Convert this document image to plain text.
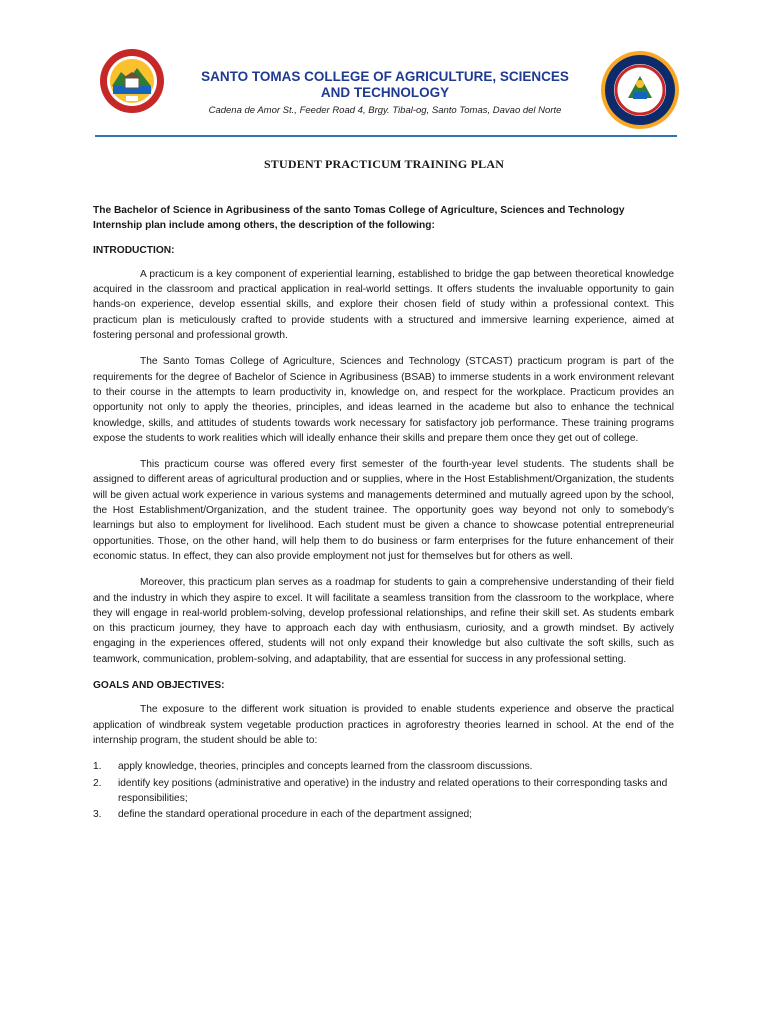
SANTO TOMAS COLLEGE OF AGRICULTURE, SCIENCES
AND TECHNOLOGY
Cadena de Amor St., Feeder Road 4, Brgy. Tibal-og, Santo Tomas, Davao del Norte
STUDENT PRACTICUM TRAINING PLAN

The Bachelor of Science in Agribusiness of the santo Tomas College of Agriculture, Sciences and Technology Internship plan include among others, the description of the following:

INTRODUCTION:

A practicum is a key component of experiential learning, established to bridge the gap between theoretical knowledge acquired in the classroom and practical application in real-world settings. It offers students the invaluable opportunity to gain hands-on experience, develop essential skills, and explore their chosen field of study within a professional context. This practicum plan is meticulously crafted to provide students with a structured and immersive learning experience, aimed at fostering personal and professional growth.

The Santo Tomas College of Agriculture, Sciences and Technology (STCAST) practicum program is part of the requirements for the degree of Bachelor of Science in Agribusiness (BSAB) to immerse students in a work environment relevant to their course in the attempts to learn productivity in, knowledge on, and respect for the workplace. Practicum provides an opportunity not only to apply the theories, principles, and ideas learned in the academe but also to enhance the technical knowledge, skills, and attitudes of students towards work necessary for satisfactory job performance. These training programs expose the students to work realities which will ideally enhance their skills and prepare them once they get out of college.

This practicum course was offered every first semester of the fourth-year level students. The students shall be assigned to different areas of agricultural production and or supplies, where in the Host Establishment/Organization, the students will be given actual work experience in various systems and managements determined and mutually agreed upon by the school, the Host Establishment/Organization, and the student trainee. The opportunity goes way beyond not only to somebody’s learnings but also to employment for livelihood. Each student must be given a chance to showcase potential entrepreneurial opportunities. Those, on the other hand, will help them to do business or farm enterprises for the future enhancement of their economic status. In effect, they can also provide employment not just for themselves but for others as well.

Moreover, this practicum plan serves as a roadmap for students to gain a comprehensive understanding of their field and the industry in which they aspire to excel. It will facilitate a seamless transition from the classroom to the workplace, where they will engage in real-world problem-solving, develop professional relationships, and refine their skill set. As students embark on this practicum journey, they have to approach each day with enthusiasm, curiosity, and a growth mindset. By actively engaging in the experiences offered, students will not only expand their knowledge but also cultivate the soft skills, such as teamwork, communication, problem-solving, and adaptability, that are essential for success in any professional setting.

GOALS AND OBJECTIVES:

The exposure to the different work situation is provided to enable students experience and observe the practical application of windbreak system vegetable production practices in agroforestry theories learned in school. At the end of the internship program, the student should be able to:

1. apply knowledge, theories, principles and concepts learned from the classroom discussions.
2. identify key positions (administrative and operative) in the industry and related operations to their corresponding tasks and responsibilities;
3. define the standard operational procedure in each of the department assigned;
